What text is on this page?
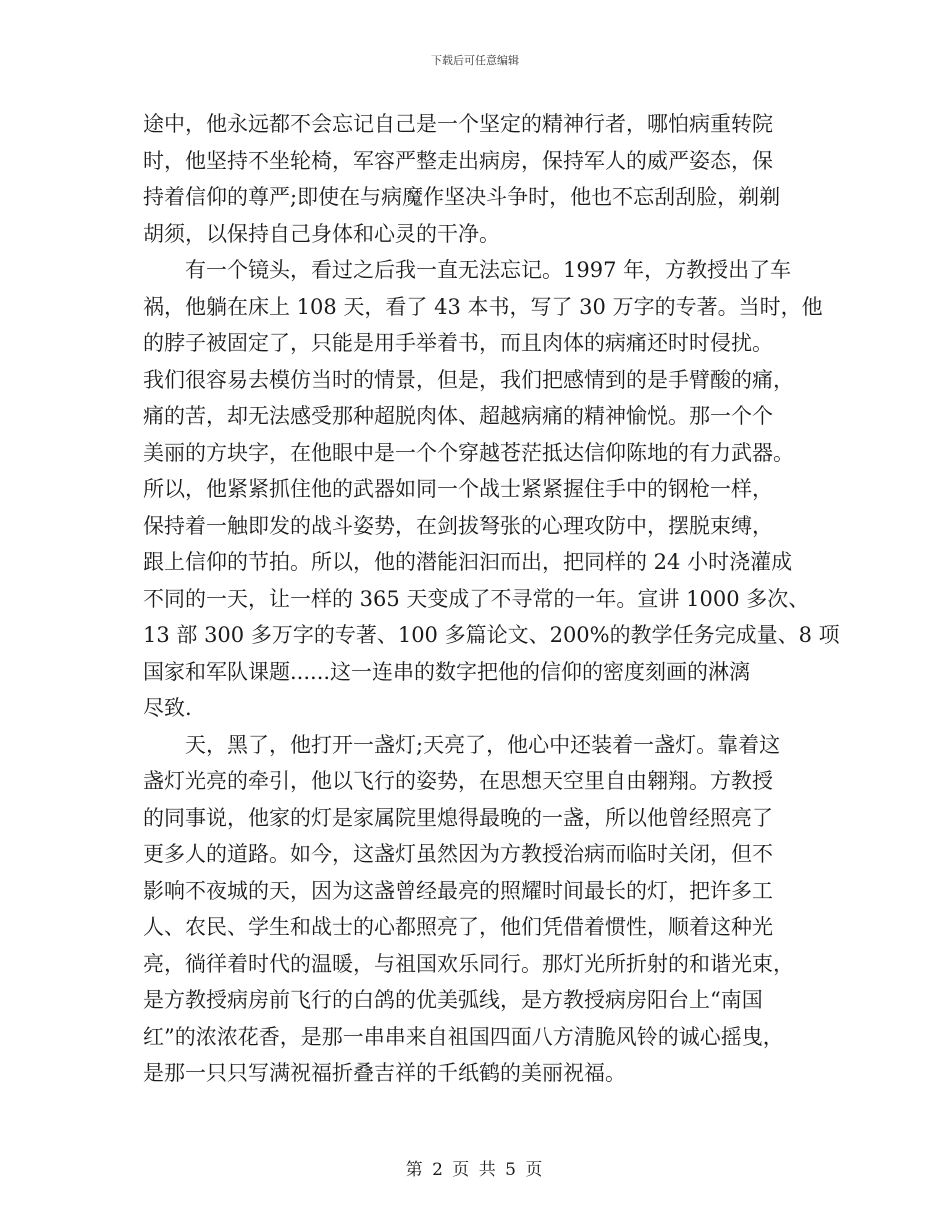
下载后可任意编辑
途中，他永远都不会忘记自己是一个坚定的精神行者，哪怕病重转院
时，他坚持不坐轮椅，军容严整走出病房，保持军人的威严姿态，保
持着信仰的尊严;即使在与病魔作坚决斗争时，他也不忘刮刮脸，剃剃
胡须，以保持自己身体和心灵的干净。
有一个镜头，看过之后我一直无法忘记。1997 年，方教授出了车
祸，他躺在床上 108 天，看了 43 本书，写了 30 万字的专著。当时，他
的脖子被固定了，只能是用手举着书，而且肉体的病痛还时时侵扰。
我们很容易去模仿当时的情景，但是，我们把感情到的是手臂酸的痛，
痛的苦，却无法感受那种超脱肉体、超越病痛的精神愉悦。那一个个
美丽的方块字，在他眼中是一个个穿越苍茫抵达信仰陈地的有力武器。
所以，他紧紧抓住他的武器如同一个战士紧紧握住手中的钢枪一样，
保持着一触即发的战斗姿势，在剑拔弩张的心理攻防中，摆脱束缚，
跟上信仰的节拍。所以，他的潜能汩汩而出，把同样的 24 小时浇灌成
不同的一天，让一样的 365 天变成了不寻常的一年。宣讲 1000 多次、
13 部 300 多万字的专著、100 多篇论文、200%的教学任务完成量、8 项
国家和军队课题......这一连串的数字把他的信仰的密度刻画的淋漓
尽致.
天，黑了，他打开一盏灯;天亮了，他心中还装着一盏灯。靠着这
盏灯光亮的牵引，他以飞行的姿势，在思想天空里自由翱翔。方教授
的同事说，他家的灯是家属院里熄得最晚的一盏，所以他曾经照亮了
更多人的道路。如今，这盏灯虽然因为方教授治病而临时关闭，但不
影响不夜城的天，因为这盏曾经最亮的照耀时间最长的灯，把许多工
人、农民、学生和战士的心都照亮了，他们凭借着惯性，顺着这种光
亮，徜徉着时代的温暖，与祖国欢乐同行。那灯光所折射的和谐光束，
是方教授病房前飞行的白鸽的优美弧线，是方教授病房阳台上“南国
红”的浓浓花香，是那一串串来自祖国四面八方清脆风铃的诚心摇曳，
是那一只只写满祝福折叠吉祥的千纸鹤的美丽祝福。
第 2 页 共 5 页
